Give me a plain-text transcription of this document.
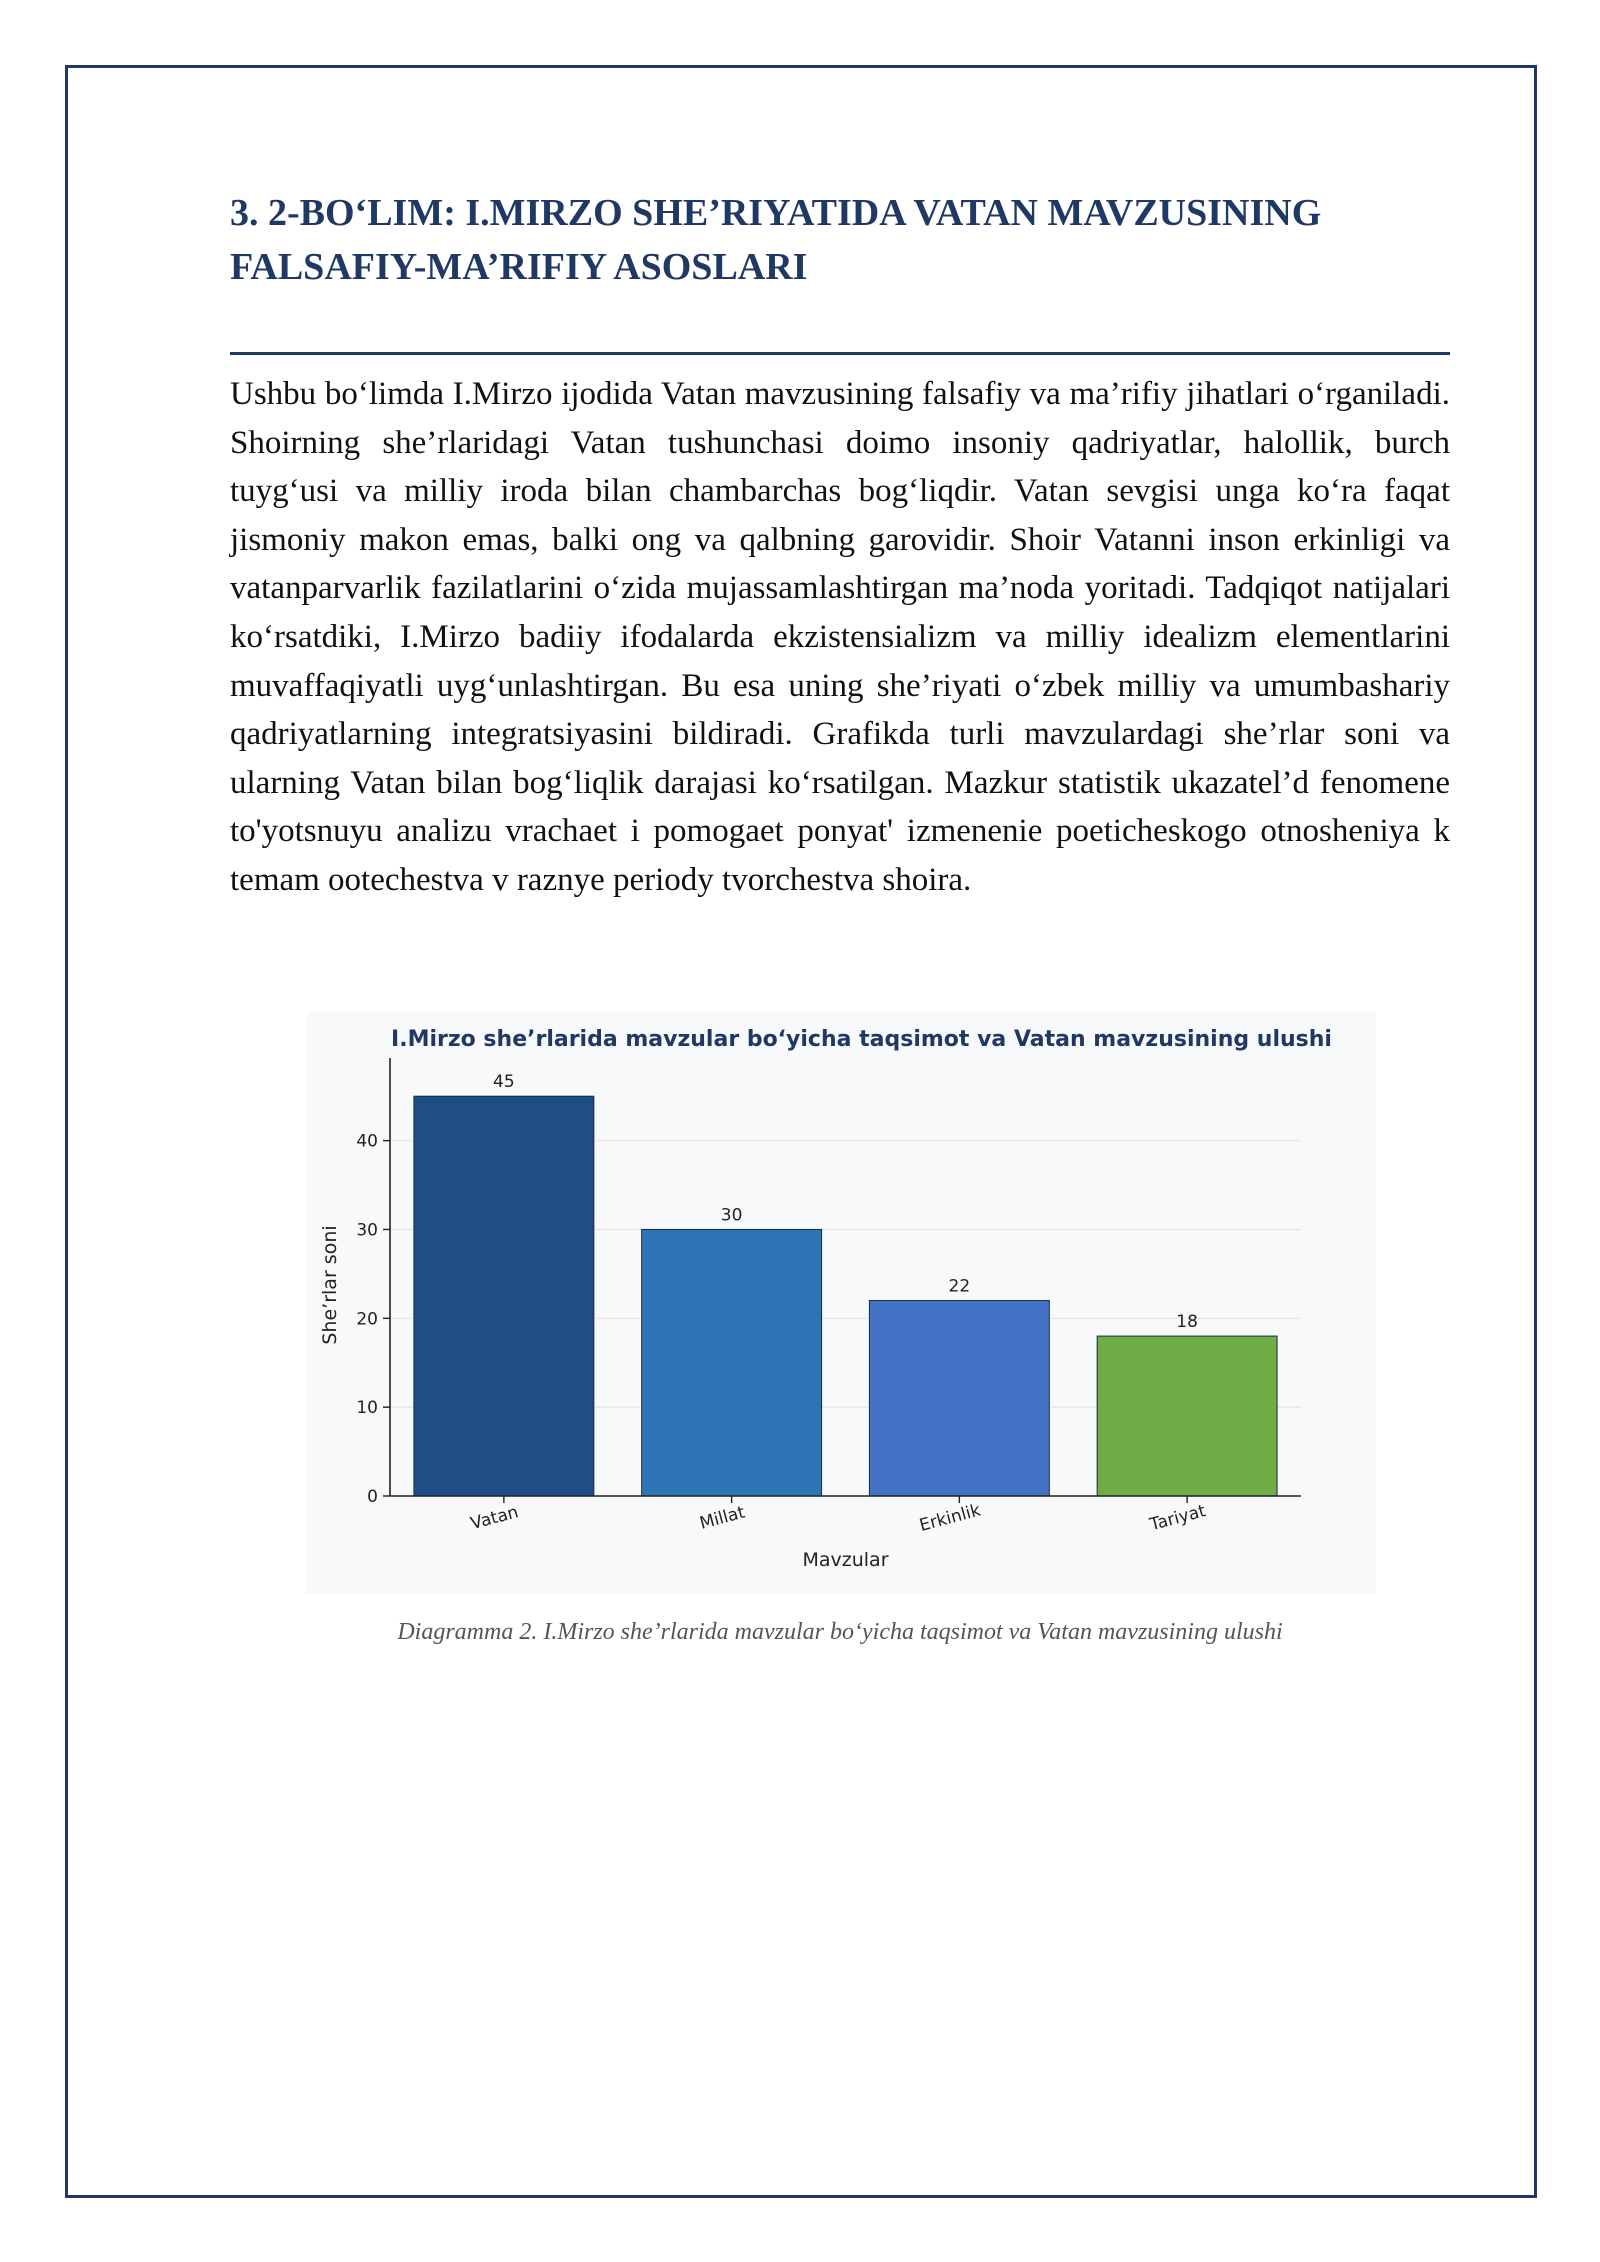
3. 2-BO‘LIM: I.MIRZO SHE’RIYATIDA VATAN MAVZUSINING FALSAFIY-MA’RIFIY ASOSLARI

Ushbu bo‘limda I.Mirzo ijodida Vatan mavzusining falsafiy va ma’rifiy jihatlari o‘rganiladi. Shoirning she’rlaridagi Vatan tushunchasi doimo insoniy qadriyatlar, halollik, burch tuyg‘usi va milliy iroda bilan chambarchas bog‘liqdir. Vatan sevgisi unga ko‘ra faqat jismoniy makon emas, balki ong va qalbning garovidir. Shoir Vatanni inson erkinligi va vatanparvarlik fazilatlarini o‘zida mujassamlashtirgan ma’noda yoritadi. Tadqiqot natijalari ko‘rsatdiki, I.Mirzo badiiy ifodalarda ekzistensializm va milliy idealizm elementlarini muvaffaqiyatli uyg‘unlashtirgan. Bu esa uning she’riyati o‘zbek milliy va umumbashariy qadriyatlarning integratsiyasini bildiradi. Grafikda turli mavzulardagi she’rlar soni va ularning Vatan bilan bog‘liqlik darajasi ko‘rsatilgan. Mazkur statistik ukazatel’d fenomene to'yotsnuyu analizu vrachaet i pomogaet ponyat' izmenenie poeticheskogo otnosheniya k temam ootechestva v raznye periody tvorchestva shoira.

0
10
20
30
40
45
Vatan
30
Millat
22
Erkinlik
18
Tariyat
I.Mirzo she’rlarida mavzular bo‘yicha taqsimot va Vatan mavzusining ulushi
Mavzular
She’rlar soni

Diagramma 2. I.Mirzo she’rlarida mavzular bo‘yicha taqsimot va Vatan mavzusining ulushi
